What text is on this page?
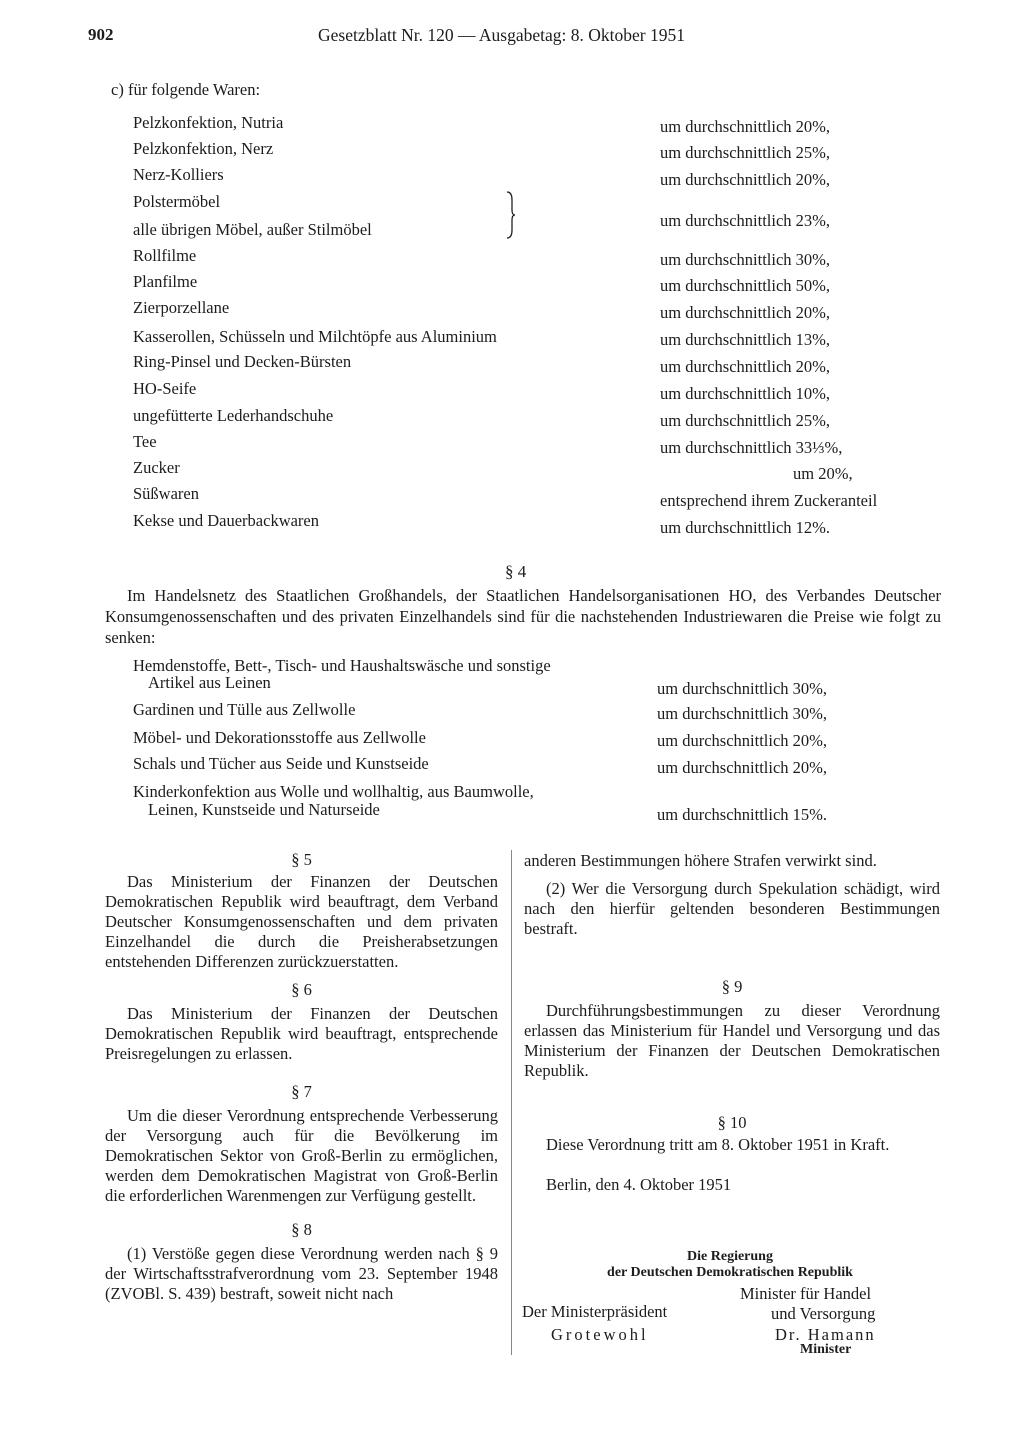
902	Gesetzblatt Nr. 120 — Ausgabetag: 8. Oktober 1951
c) für folgende Waren:
Pelzkonfektion, Nutria	um durchschnittlich 20%,
Pelzkonfektion, Nerz	um durchschnittlich 25%,
Nerz-Kolliers	um durchschnittlich 20%,
Polstermöbel
alle übrigen Möbel, außer Stilmöbel	um durchschnittlich 23%,
Rollfilme	um durchschnittlich 30%,
Planfilme	um durchschnittlich 50%,
Zierporzellane	um durchschnittlich 20%,
Kasserollen, Schüsseln und Milchtöpfe aus Aluminium	um durchschnittlich 13%,
Ring-Pinsel und Decken-Bürsten	um durchschnittlich 20%,
HO-Seife	um durchschnittlich 10%,
ungefütterte Lederhandschuhe	um durchschnittlich 25%,
Tee	um durchschnittlich 33⅓%,
Zucker	um 20%,
Süßwaren	entsprechend ihrem Zuckeranteil
Kekse und Dauerbackwaren	um durchschnittlich 12%.
§ 4

Im Handelsnetz des Staatlichen Großhandels, der Staatlichen Handelsorganisationen HO, des Verbandes Deutscher Konsumgenossenschaften und des privaten Einzelhandels sind für die nachstehenden Industriewaren die Preise wie folgt zu senken:

Hemdenstoffe, Bett-, Tisch- und Haushaltswäsche und sonstige
Artikel aus Leinen	um durchschnittlich 30%,
Gardinen und Tülle aus Zellwolle	um durchschnittlich 30%,
Möbel- und Dekorationsstoffe aus Zellwolle	um durchschnittlich 20%,
Schals und Tücher aus Seide und Kunstseide	um durchschnittlich 20%,
Kinderkonfektion aus Wolle und wollhaltig, aus Baumwolle,
Leinen, Kunstseide und Naturseide	um durchschnittlich 15%.

§ 5

Das Ministerium der Finanzen der Deutschen Demokratischen Republik wird beauftragt, dem Verband Deutscher Konsumgenossenschaften und dem privaten Einzelhandel die durch die Preisherabsetzungen entstehenden Differenzen zurückzuerstatten.

§ 6

Das Ministerium der Finanzen der Deutschen Demokratischen Republik wird beauftragt, entsprechende Preisregelungen zu erlassen.

§ 7

Um die dieser Verordnung entsprechende Verbesserung der Versorgung auch für die Bevölkerung im Demokratischen Sektor von Groß-Berlin zu ermöglichen, werden dem Demokratischen Magistrat von Groß-Berlin die erforderlichen Warenmengen zur Verfügung gestellt.

§ 8

(1) Verstöße gegen diese Verordnung werden nach § 9 der Wirtschaftsstrafverordnung vom 23. September 1948 (ZVOBl. S. 439) bestraft, soweit nicht nach

anderen Bestimmungen höhere Strafen verwirkt sind.

(2) Wer die Versorgung durch Spekulation schädigt, wird nach den hierfür geltenden besonderen Bestimmungen bestraft.

§ 9

Durchführungsbestimmungen zu dieser Verordnung erlassen das Ministerium für Handel und Versorgung und das Ministerium der Finanzen der Deutschen Demokratischen Republik.

§ 10

Diese Verordnung tritt am 8. Oktober 1951 in Kraft.

Berlin, den 4. Oktober 1951

Die Regierung
der Deutschen Demokratischen Republik
Der Ministerpräsident
Grotewohl
Minister für Handel
und Versorgung
Dr. Hamann
Minister
